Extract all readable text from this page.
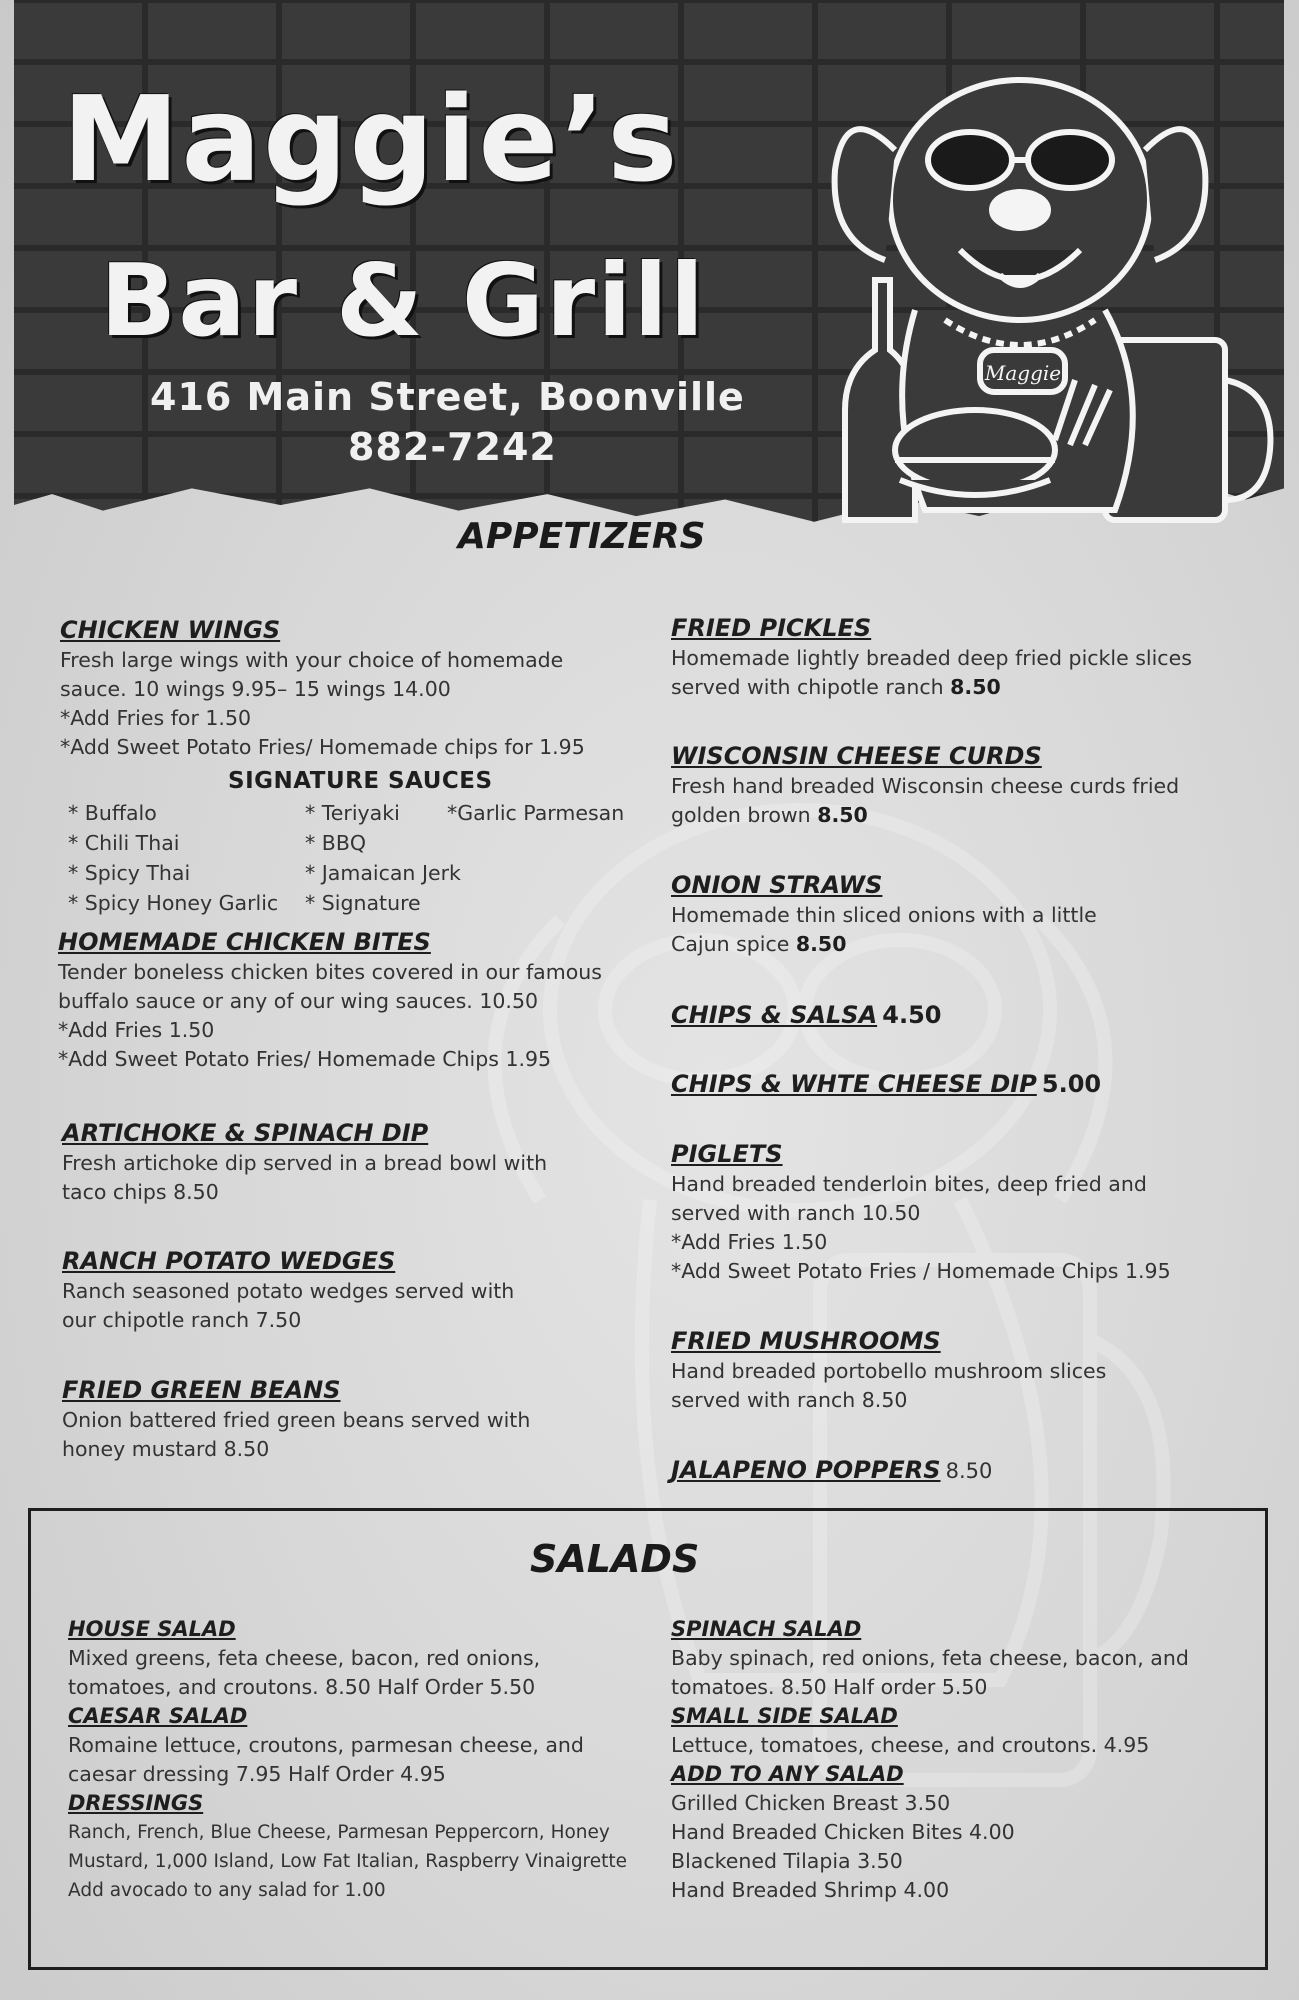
Maggie’s
Bar & Grill
416 Main Street, Boonville
882-7242
Maggie
APPETIZERS
CHICKEN WINGS
Fresh large wings with your choice of homemade
sauce. 10 wings 9.95– 15 wings 14.00
*Add Fries for 1.50
*Add Sweet Potato Fries/ Homemade chips for 1.95
SIGNATURE SAUCES
* Buffalo
* Chili Thai
* Spicy Thai
* Spicy Honey Garlic
* Teriyaki
* BBQ
* Jamaican Jerk
* Signature
*Garlic Parmesan
HOMEMADE CHICKEN BITES
Tender boneless chicken bites covered in our famous
buffalo sauce or any of our wing sauces. 10.50
*Add Fries 1.50
*Add Sweet Potato Fries/ Homemade Chips 1.95
ARTICHOKE & SPINACH DIP
Fresh artichoke dip served in a bread bowl with
taco chips 8.50
RANCH POTATO WEDGES
Ranch seasoned potato wedges served with
our chipotle ranch 7.50
FRIED GREEN BEANS
Onion battered fried green beans served with
honey mustard 8.50
FRIED PICKLES
Homemade lightly breaded deep fried pickle slices
served with chipotle ranch 8.50
WISCONSIN CHEESE CURDS
Fresh hand breaded Wisconsin cheese curds fried
golden brown 8.50
ONION STRAWS
Homemade thin sliced onions with a little
Cajun spice 8.50
CHIPS & SALSA 4.50
CHIPS & WHTE CHEESE DIP 5.00
PIGLETS
Hand breaded tenderloin bites, deep fried and
served with ranch 10.50
*Add Fries 1.50
*Add Sweet Potato Fries / Homemade Chips 1.95
FRIED MUSHROOMS
Hand breaded portobello mushroom slices
served with ranch 8.50
JALAPENO POPPERS 8.50
SALADS
HOUSE SALAD
Mixed greens, feta cheese, bacon, red onions,
tomatoes, and croutons. 8.50 Half Order 5.50
CAESAR SALAD
Romaine lettuce, croutons, parmesan cheese, and
caesar dressing 7.95 Half Order 4.95
DRESSINGS
Ranch, French, Blue Cheese, Parmesan Peppercorn, Honey
Mustard, 1,000 Island, Low Fat Italian, Raspberry Vinaigrette
Add avocado to any salad for 1.00
SPINACH SALAD
Baby spinach, red onions, feta cheese, bacon, and
tomatoes. 8.50 Half order 5.50
SMALL SIDE SALAD
Lettuce, tomatoes, cheese, and croutons. 4.95
ADD TO ANY SALAD
Grilled Chicken Breast 3.50
Hand Breaded Chicken Bites 4.00
Blackened Tilapia 3.50
Hand Breaded Shrimp 4.00
